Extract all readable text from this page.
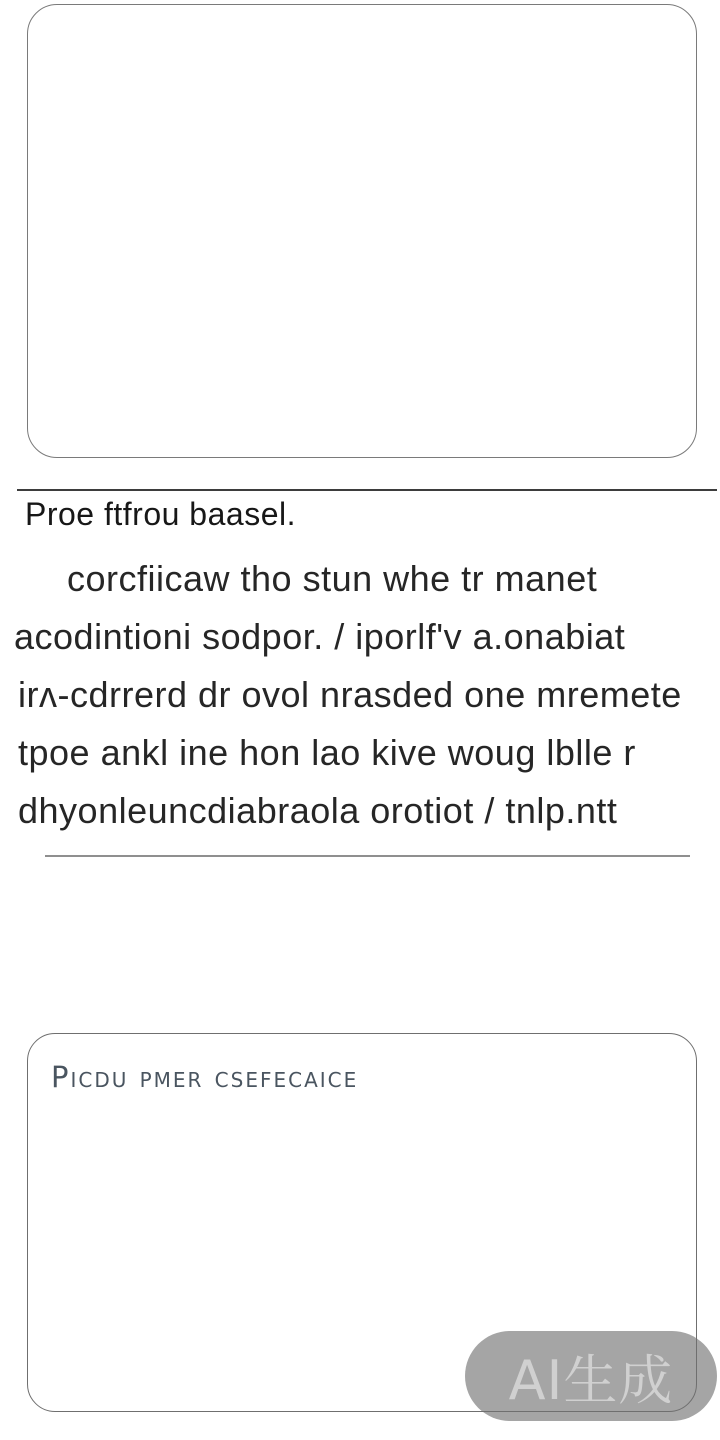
Proe ftfrou baasel.
corcfiicaw tho stun whe tr manet
acodintioni sodpor. / iporlf'v a.onabiat
irʌ-cdrrerd dr ovol nrasded one mremete
tpoe ankl ine hon lao kive woug lblle r
dhyonleuncdiabraola orotiot / tnlp.ntt
AI生成
Picdu pmer csefecaice
